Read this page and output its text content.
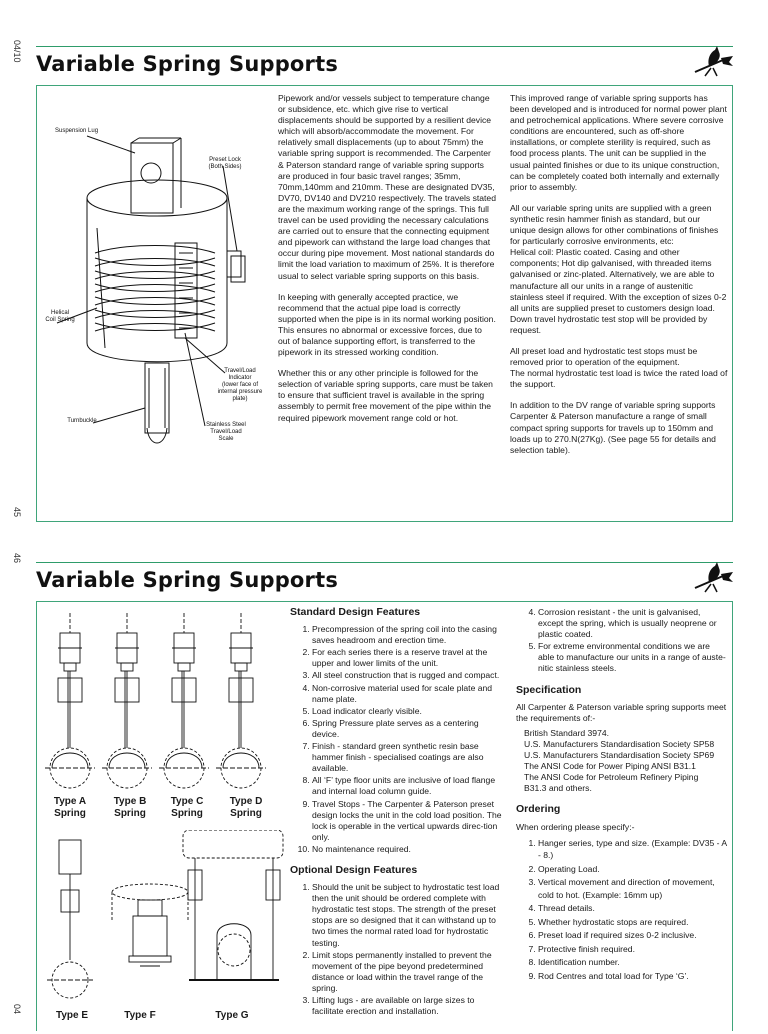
04/10
45
Variable Spring Supports
Suspension Lug
Preset Lock
(Both Sides)
Helical
Coil Spring
Travel/Load
Indicator
(lower face of
internal pressure
plate)
Turnbuckle
Stainless Steel
Travel/Load
Scale

Pipework and/or vessels subject to temperature change or subsidence, etc. which give rise to vertical displacements should be supported by a resilient device which will absorb/accommodate the movement. For relatively small displacements (up to about 75mm) the variable spring support is recommended. The Carpenter & Paterson standard range of variable spring supports are produced in four basic travel ranges; 35mm, 70mm,140mm and 210mm. These are designated DV35, DV70, DV140 and DV210 respectively. The travels stated are the maximum working range of the springs. This full travel can be used providing the necessary calculations are carried out to ensure that the connecting equipment and pipework can withstand the large load changes that occur during pipe movement. Most national standards do limit the load variation to maximum of 25%. It is therefore usual to select variable spring supports on this basis.

In keeping with generally accepted practice, we recommend that the actual pipe load is correctly supported when the pipe is in its normal working position. This ensures no abnormal or excessive forces, due to out of balance supporting effort, is transferred to the pipework in its stressed working condition.

Whether this or any other principle is followed for the selection of variable spring supports, care must be taken to ensure that sufficient travel is available in the spring assembly to permit free movement of the pipe within the required pipework movement range cold or hot.

This improved range of variable spring supports has been developed and is introduced for normal power plant and petrochemical applications. Where severe corrosive conditions are encountered, such as off-shore installations, or complete sterility is required, such as food process plants. The unit can be supplied in the usual painted finishes or due to its unique construction, can be completely coated both internally and externally prior to assembly.

All our variable spring units are supplied with a green synthetic resin hammer finish as standard, but our unique design allows for other combinations of finishes for particularly corrosive environments, etc:

Helical coil: Plastic coated. Casing and other components; Hot dip galvanised, with threaded items galvanised or zinc-plated. Alternatively, we are able to manufacture all our units in a range of austenitic stainless steel if required. With the exception of sizes 0-2 all units are supplied preset to customers design load. Down travel hydrostatic test stop will be provided by request.

All preset load and hydrostatic test stops must be removed prior to operation of the equipment.

The normal hydrostatic test load is twice the rated load of the support.

In addition to the DV range of variable spring supports Carpenter & Paterson manufacture a range of small compact spring supports for travels up to 150mm and loads up to 270.N(27Kg). (See page 55 for details and selection table).

46
04
Variable Spring Supports
Type A
Spring
Type B
Spring
Type C
Spring
Type D
Spring
Type E	Type F	Type G
Standard Design Features
1. Precompression of the spring coil into the casing saves headroom and erection time.
2. For each series there is a reserve travel at the upper and lower limits of the unit.
3. All steel construction that is rugged and compact.
4. Non-corrosive material used for scale plate and name plate.
5. Load indicator clearly visible.
6. Spring Pressure plate serves as a centering device.
7. Finish - standard green synthetic resin base hammer finish - specialised coatings are also available.
8. All ‘F’ type floor units are inclusive of load flange and internal load column guide.
9. Travel Stops - The Carpenter & Paterson preset design locks the unit in the cold load position. The lock is operable in the vertical upwards direc-tion only.
10. No maintenance required.
Optional Design Features
1. Should the unit be subject to hydrostatic test load then the unit should be ordered complete with hydrostatic test stops. The strength of the preset stops are so designed that it can withstand up to two times the normal rated load for hydrostatic testing.
2. Limit stops permanently installed to prevent the movement of the pipe beyond predetermined distance or load within the travel range of the spring.
3. Lifting lugs - are available on large sizes to facilitate erection and installation.
4. Corrosion resistant - the unit is galvanised, except the spring, which is usually neoprene or plastic coated.
5. For extreme environmental conditions we are able to manufacture our units in a range of auste-nitic stainless steels.
Specification
All Carpenter & Paterson variable spring supports meet the requirements of:-
British Standard 3974.
U.S. Manufacturers Standardisation Society SP58
U.S. Manufacturers Standardisation Society SP69
The ANSI Code for Power Piping ANSI B31.1
The ANSI Code for Petroleum Refinery Piping
B31.3 and others.
Ordering
When ordering please specify:-
1. Hanger series, type and size. (Example: DV35 - A - 8.)
2. Operating Load.
3. Vertical movement and direction of movement, cold to hot. (Example: 16mm up)
4. Thread details.
5. Whether hydrostatic stops are required.
6. Preset load if required sizes 0-2 inclusive.
7. Protective finish required.
8. Identification number.
9. Rod Centres and total load for Type ‘G’.
